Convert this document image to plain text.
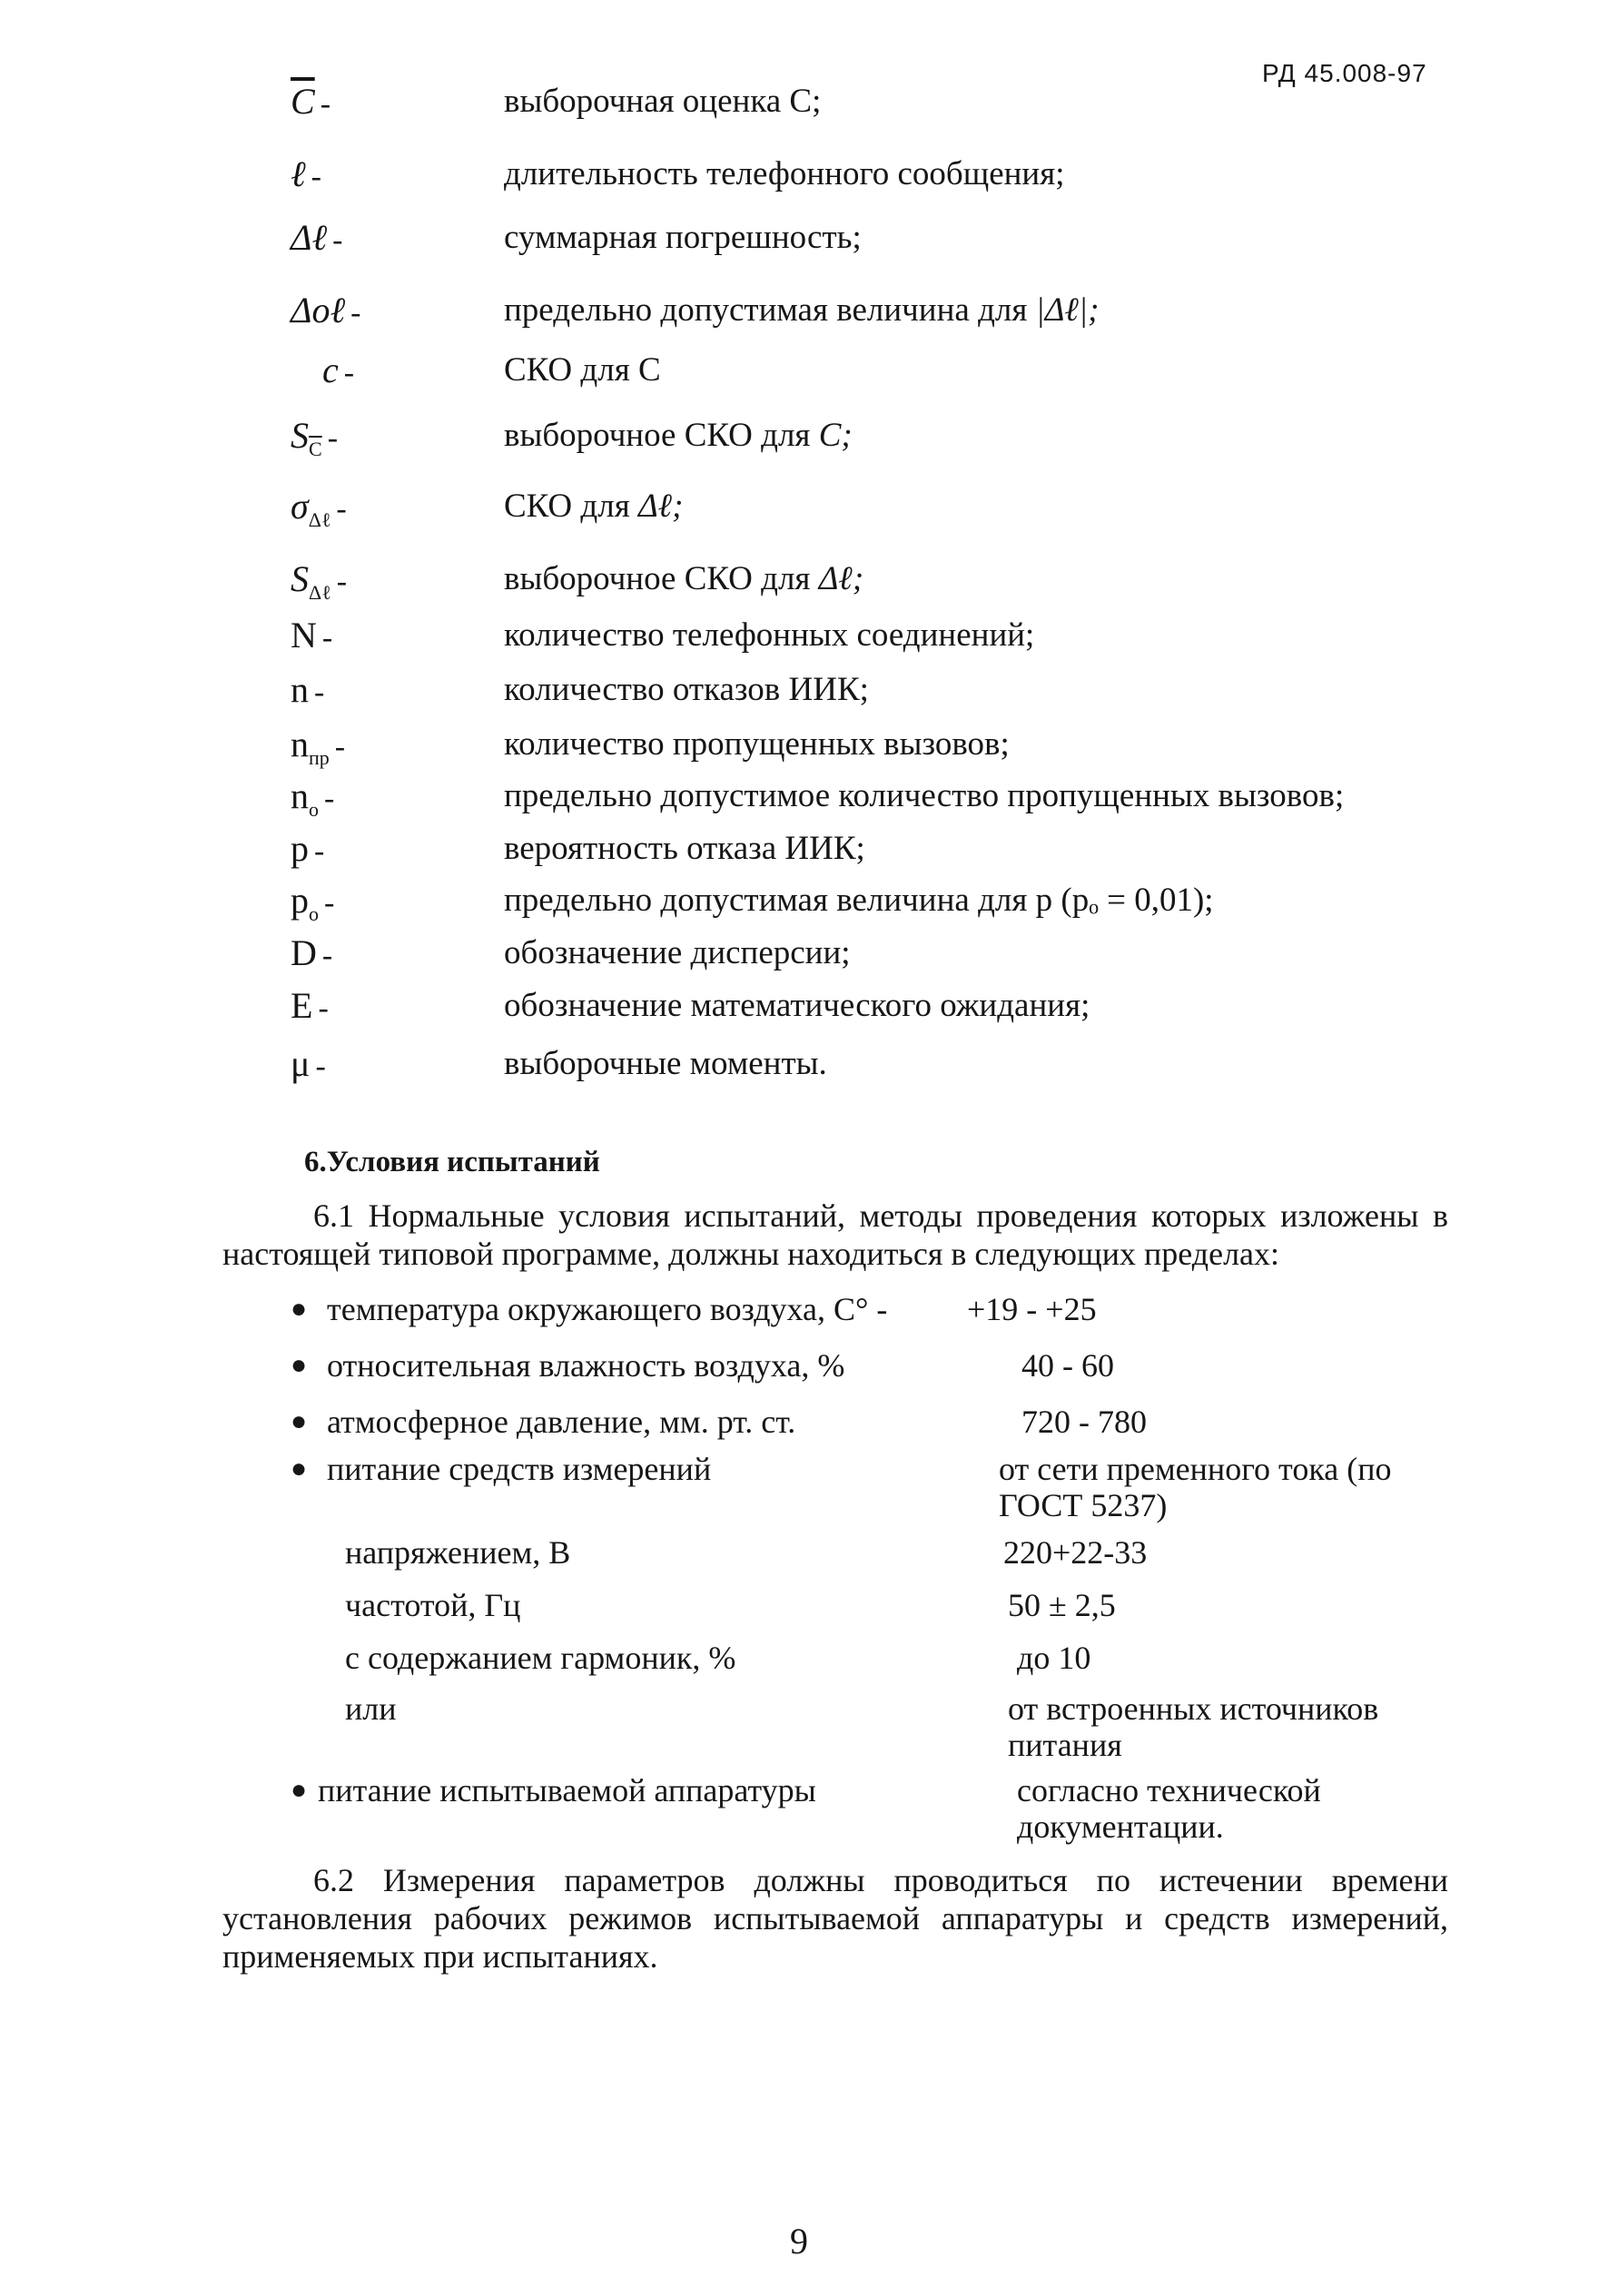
РД 45.008-97
$\overline{C}$ -	выборочная оценка С;
ℓ -	длительность телефонного сообщения;
Δℓ -	суммарная погрешность;
Δoℓ -	предельно допустимая величина для |Δℓ|;
c -	СКО для С
$S_{\overline{C}}$ -	выборочное СКО для C;
$\sigma_{\Delta\ell}$ -	СКО для Δℓ;
$S_{\Delta\ell}$ -	выборочное СКО для Δℓ;
N -	количество телефонных соединений;
n -	количество отказов ИИК;
$n_{пр}$ -	количество пропущенных вызовов;
$n_o$ -	предельно допустимое количество пропущенных вызовов;
p -	вероятность отказа ИИК;
$p_o$ -	предельно допустимая величина для p (pₒ = 0,01);
D -	обозначение дисперсии;
E -	обозначение математического ожидания;
μ -	выборочные моменты.
6.Условия испытаний
6.1 Нормальные условия испытаний, методы проведения которых изложены в настоящей типовой программе, должны находиться в следующих пределах:
● температура окружающего воздуха, С° - +19 - +25
● относительная влажность воздуха, %	40 - 60
● атмосферное давление, мм. рт. ст.	720 - 780
● питание средств измерений	от сети пременного тока (по ГОСТ 5237)
напряжением, В	220+22-33
частотой, Гц	50 ± 2,5
с содержанием гармоник, %	до 10
или	от встроенных источников питания
● питание испытываемой аппаратуры	согласно технической документации.
6.2 Измерения параметров должны проводиться по истечении времени установления рабочих режимов испытываемой аппаратуры и средств измерений, применяемых при испытаниях.
9
